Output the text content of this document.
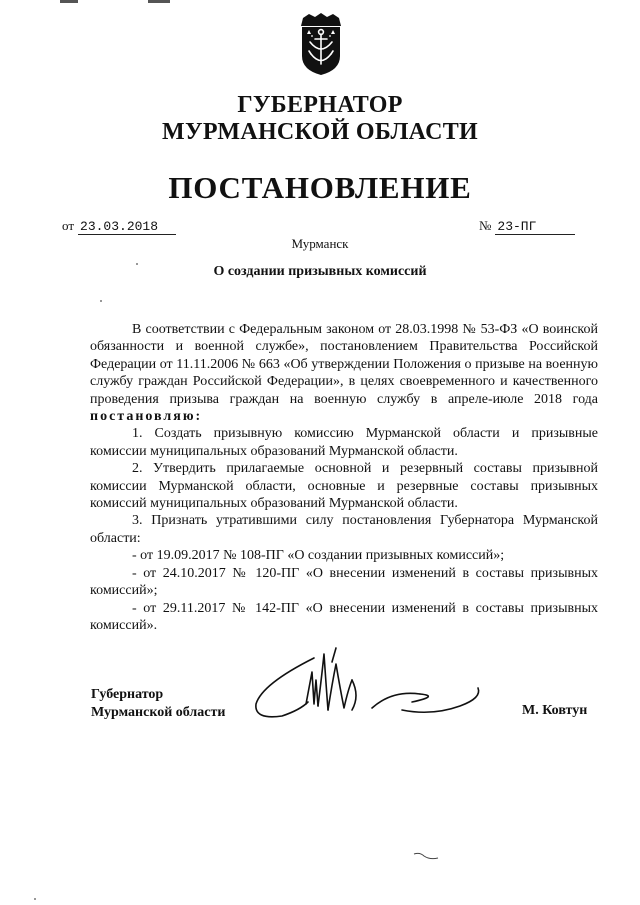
ГУБЕРНАТОР
МУРМАНСКОЙ ОБЛАСТИ
ПОСТАНОВЛЕНИЕ
от 23.03.2018	№ 23-ПГ
Мурманск
О создании призывных комиссий

В соответствии с Федеральным законом от 28.03.1998 № 53-ФЗ «О воинской обязанности и военной службе», постановлением Правительства Российской Федерации от 11.11.2006 № 663 «Об утверждении Положения о призыве на военную службу граждан Российской Федерации», в целях своевременного и качественного проведения призыва граждан на военную службу в апреле-июле 2018 года постановляю:

1. Создать призывную комиссию Мурманской области и призывные комиссии муниципальных образований Мурманской области.

2. Утвердить прилагаемые основной и резервный составы призывной комиссии Мурманской области, основные и резервные составы призывных комиссий муниципальных образований Мурманской области.

3. Признать утратившими силу постановления Губернатора Мурманской области:

- от 19.09.2017 № 108-ПГ «О создании призывных комиссий»;

- от 24.10.2017 № 120-ПГ «О внесении изменений в составы призывных комиссий»;

- от 29.11.2017 № 142-ПГ «О внесении изменений в составы призывных комиссий».

Губернатор
Мурманской области	М. Ковтун
